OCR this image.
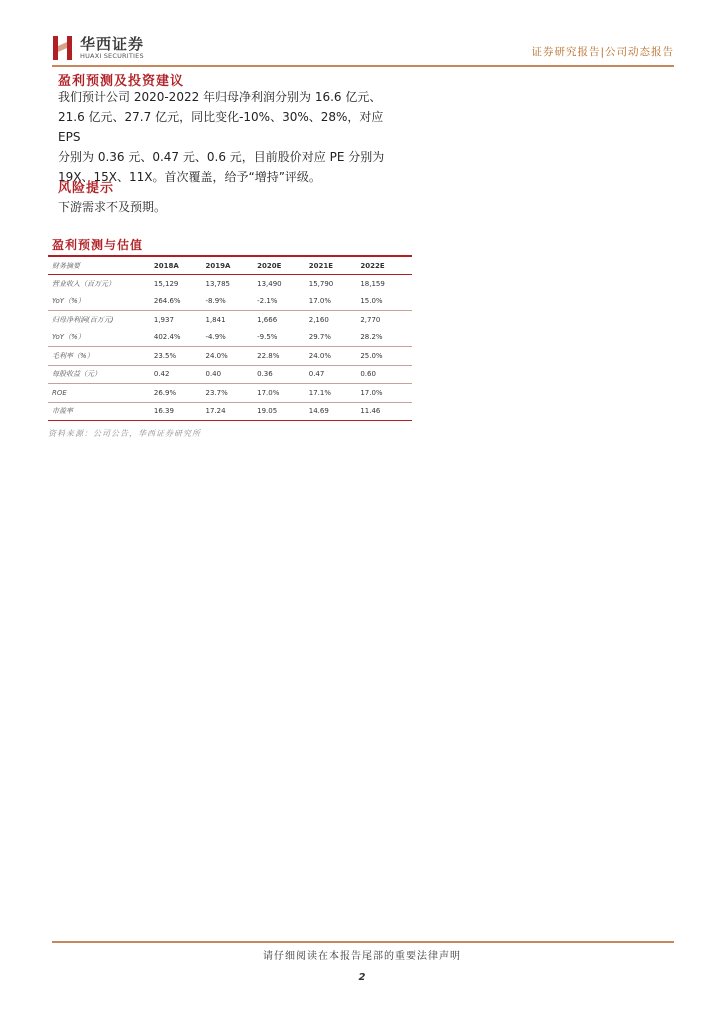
华西证券
HUAXI SECURITIES	证券研究报告|公司动态报告
盈利预测及投资建议

我们预计公司 2020-2022 年归母净利润分别为 16.6 亿元、

21.6 亿元、27.7 亿元，同比变化-10%、30%、28%，对应 EPS

分别为 0.36 元、0.47 元、0.6 元，目前股价对应 PE 分别为

19X、15X、11X。首次覆盖，给予“增持”评级。

风险提示

下游需求不及预期。

盈利预测与估值
财务摘要	2018A	2019A	2020E	2021E	2022E
营业收入（百万元）	15,129	13,785	13,490	15,790	18,159
YoY（%）	264.6%	-8.9%	-2.1%	17.0%	15.0%
归母净利润(百万元)	1,937	1,841	1,666	2,160	2,770
YoY（%）	402.4%	-4.9%	-9.5%	29.7%	28.2%
毛利率（%）	23.5%	24.0%	22.8%	24.0%	25.0%
每股收益（元）	0.42	0.40	0.36	0.47	0.60
ROE	26.9%	23.7%	17.0%	17.1%	17.0%
市盈率	16.39	17.24	19.05	14.69	11.46
资料来源：公司公告，华西证券研究所
请仔细阅读在本报告尾部的重要法律声明
2
